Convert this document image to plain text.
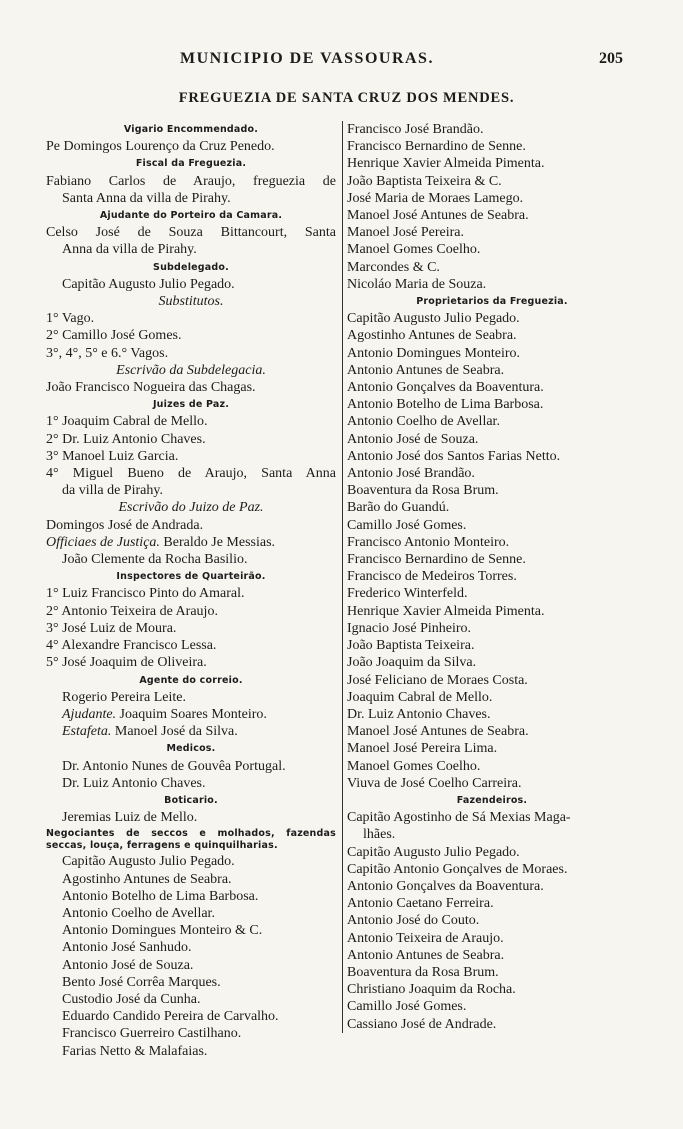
MUNICIPIO DE VASSOURAS.	205
FREGUEZIA DE SANTA CRUZ DOS MENDES.
Vigario Encommendado.
Pe Domingos Lourenço da Cruz Penedo.
Fiscal da Freguezia.
Fabiano Carlos de Araujo, freguezia de
Santa Anna da villa de Pirahy.
Ajudante do Porteiro da Camara.
Celso José de Souza Bittancourt, Santa
Anna da villa de Pirahy.
Subdelegado.
Capitão Augusto Julio Pegado.
Substitutos.
1° Vago.
2° Camillo José Gomes.
3°, 4°, 5° e 6.° Vagos.
Escrivão da Subdelegacia.
João Francisco Nogueira das Chagas.
Juizes de Paz.
1° Joaquim Cabral de Mello.
2° Dr. Luiz Antonio Chaves.
3° Manoel Luiz Garcia.
4° Miguel Bueno de Araujo, Santa Anna
da villa de Pirahy.
Escrivão do Juizo de Paz.
Domingos José de Andrada.
Officiaes de Justiça. Beraldo Je Messias.
João Clemente da Rocha Basilio.
Inspectores de Quarteirão.
1° Luiz Francisco Pinto do Amaral.
2° Antonio Teixeira de Araujo.
3° José Luiz de Moura.
4° Alexandre Francisco Lessa.
5° José Joaquim de Oliveira.
Agente do correio.
Rogerio Pereira Leite.
Ajudante. Joaquim Soares Monteiro.
Estafeta. Manoel José da Silva.
Medicos.
Dr. Antonio Nunes de Gouvêa Portugal.
Dr. Luiz Antonio Chaves.
Boticario.
Jeremias Luiz de Mello.
Negociantes de seccos e molhados, fazendas seccas, louça, ferragens e quinquilharias.
Capitão Augusto Julio Pegado.
Agostinho Antunes de Seabra.
Antonio Botelho de Lima Barbosa.
Antonio Coelho de Avellar.
Antonio Domingues Monteiro & C.
Antonio José Sanhudo.
Antonio José de Souza.
Bento José Corrêa Marques.
Custodio José da Cunha.
Eduardo Candido Pereira de Carvalho.
Francisco Guerreiro Castilhano.
Farias Netto & Malafaias.
Francisco José Brandão.
Francisco Bernardino de Senne.
Henrique Xavier Almeida Pimenta.
João Baptista Teixeira & C.
José Maria de Moraes Lamego.
Manoel José Antunes de Seabra.
Manoel José Pereira.
Manoel Gomes Coelho.
Marcondes & C.
Nicoláo Maria de Souza.
Proprietarios da Freguezia.
Capitão Augusto Julio Pegado.
Agostinho Antunes de Seabra.
Antonio Domingues Monteiro.
Antonio Antunes de Seabra.
Antonio Gonçalves da Boaventura.
Antonio Botelho de Lima Barbosa.
Antonio Coelho de Avellar.
Antonio José de Souza.
Antonio José dos Santos Farias Netto.
Antonio José Brandão.
Boaventura da Rosa Brum.
Barão do Guandú.
Camillo José Gomes.
Francisco Antonio Monteiro.
Francisco Bernardino de Senne.
Francisco de Medeiros Torres.
Frederico Winterfeld.
Henrique Xavier Almeida Pimenta.
Ignacio José Pinheiro.
João Baptista Teixeira.
João Joaquim da Silva.
José Feliciano de Moraes Costa.
Joaquim Cabral de Mello.
Dr. Luiz Antonio Chaves.
Manoel José Antunes de Seabra.
Manoel José Pereira Lima.
Manoel Gomes Coelho.
Viuva de José Coelho Carreira.
Fazendeiros.
Capitão Agostinho de Sá Mexias Maga-
lhães.
Capitão Augusto Julio Pegado.
Capitão Antonio Gonçalves de Moraes.
Antonio Gonçalves da Boaventura.
Antonio Caetano Ferreira.
Antonio José do Couto.
Antonio Teixeira de Araujo.
Antonio Antunes de Seabra.
Boaventura da Rosa Brum.
Christiano Joaquim da Rocha.
Camillo José Gomes.
Cassiano José de Andrade.
